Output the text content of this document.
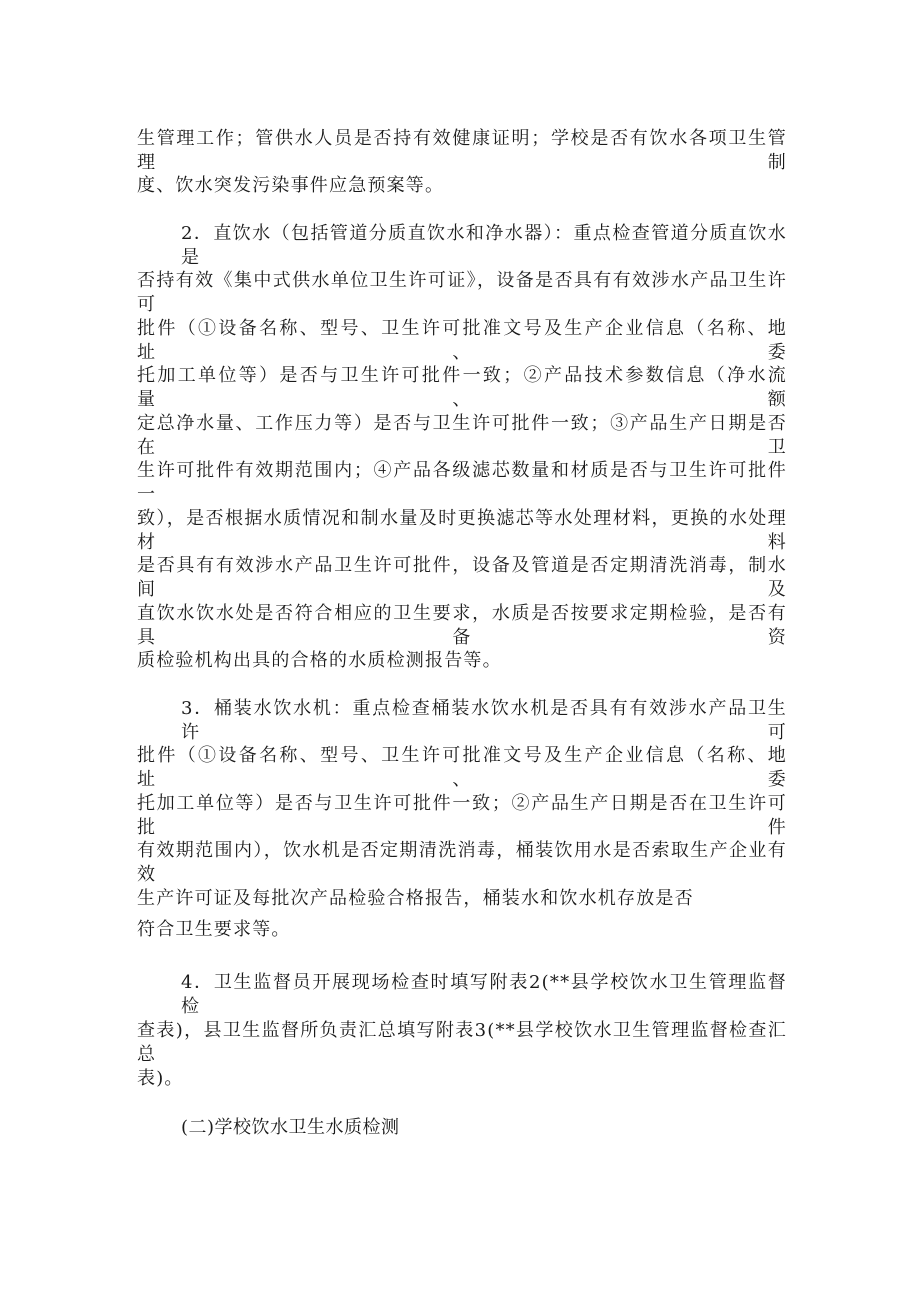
生管理工作；管供水人员是否持有效健康证明；学校是否有饮水各项卫生管理制
度、饮水突发污染事件应急预案等。
2．直饮水（包括管道分质直饮水和净水器）：重点检查管道分质直饮水是
否持有效《集中式供水单位卫生许可证》，设备是否具有有效涉水产品卫生许可
批件（①设备名称、型号、卫生许可批准文号及生产企业信息（名称、地址、委
托加工单位等）是否与卫生许可批件一致；②产品技术参数信息（净水流量、额
定总净水量、工作压力等）是否与卫生许可批件一致；③产品生产日期是否在卫
生许可批件有效期范围内；④产品各级滤芯数量和材质是否与卫生许可批件一
致），是否根据水质情况和制水量及时更换滤芯等水处理材料，更换的水处理材料
是否具有有效涉水产品卫生许可批件，设备及管道是否定期清洗消毒，制水间及
直饮水饮水处是否符合相应的卫生要求，水质是否按要求定期检验，是否有具备资
质检验机构出具的合格的水质检测报告等。
3．桶装水饮水机：重点检查桶装水饮水机是否具有有效涉水产品卫生许可
批件（①设备名称、型号、卫生许可批准文号及生产企业信息（名称、地址、委
托加工单位等）是否与卫生许可批件一致；②产品生产日期是否在卫生许可批件
有效期范围内），饮水机是否定期清洗消毒，桶装饮用水是否索取生产企业有效
生产许可证及每批次产品检验合格报告，桶装水和饮水机存放是否
符合卫生要求等。
4．卫生监督员开展现场检查时填写附表2(**县学校饮水卫生管理监督检
查表)，县卫生监督所负责汇总填写附表3(**县学校饮水卫生管理监督检查汇总
表)。
(二)学校饮水卫生水质检测
